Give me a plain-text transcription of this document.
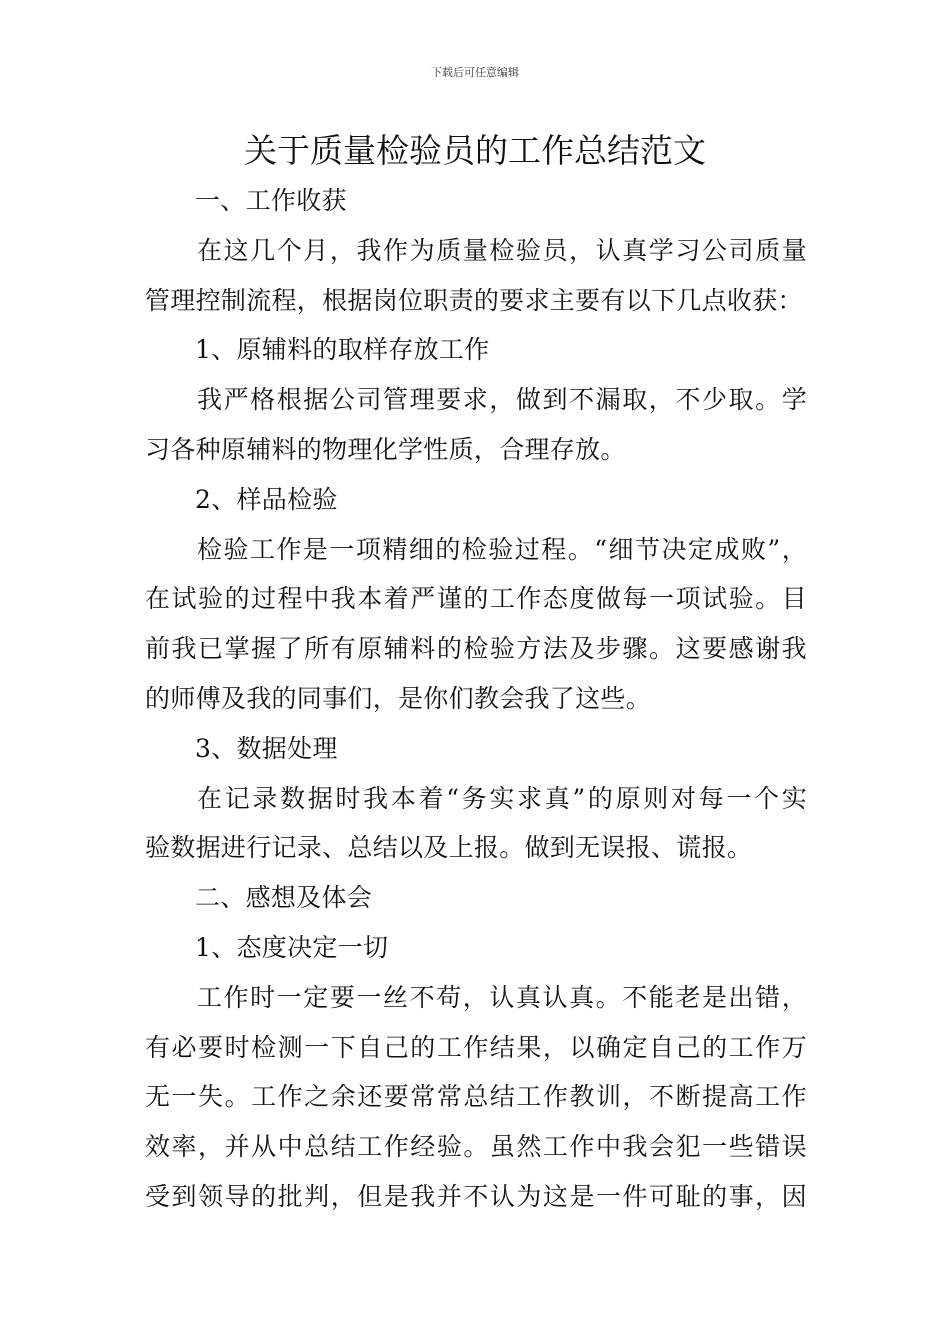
下载后可任意编辑
关于质量检验员的工作总结范文
一、工作收获
在这几个月，我作为质量检验员，认真学习公司质量
管理控制流程，根据岗位职责的要求主要有以下几点收获：
1、原辅料的取样存放工作
我严格根据公司管理要求，做到不漏取，不少取。学
习各种原辅料的物理化学性质，合理存放。
2、样品检验
检验工作是一项精细的检验过程。“细节决定成败”，
在试验的过程中我本着严谨的工作态度做每一项试验。目
前我已掌握了所有原辅料的检验方法及步骤。这要感谢我
的师傅及我的同事们，是你们教会我了这些。
3、数据处理
在记录数据时我本着“务实求真”的原则对每一个实
验数据进行记录、总结以及上报。做到无误报、谎报。
二、感想及体会
1、态度决定一切
工作时一定要一丝不苟，认真认真。不能老是出错，
有必要时检测一下自己的工作结果，以确定自己的工作万
无一失。工作之余还要常常总结工作教训，不断提高工作
效率，并从中总结工作经验。虽然工作中我会犯一些错误
受到领导的批判，但是我并不认为这是一件可耻的事，因
